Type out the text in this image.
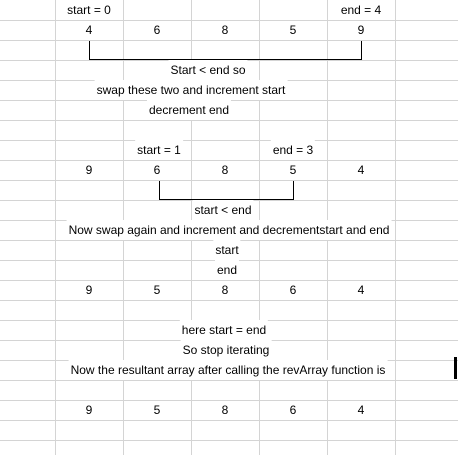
start = 0	end = 4
4	6	8	5	9
Start < end so
swap these two and increment start
decrement end
start = 1	end = 3
9	6	8	5	4
start < end
Now swap again and increment and decrementstart and end
start
end
9	5	8	6	4
here start = end
So stop iterating
Now the resultant array after calling the revArray function is
9	5	8	6	4
